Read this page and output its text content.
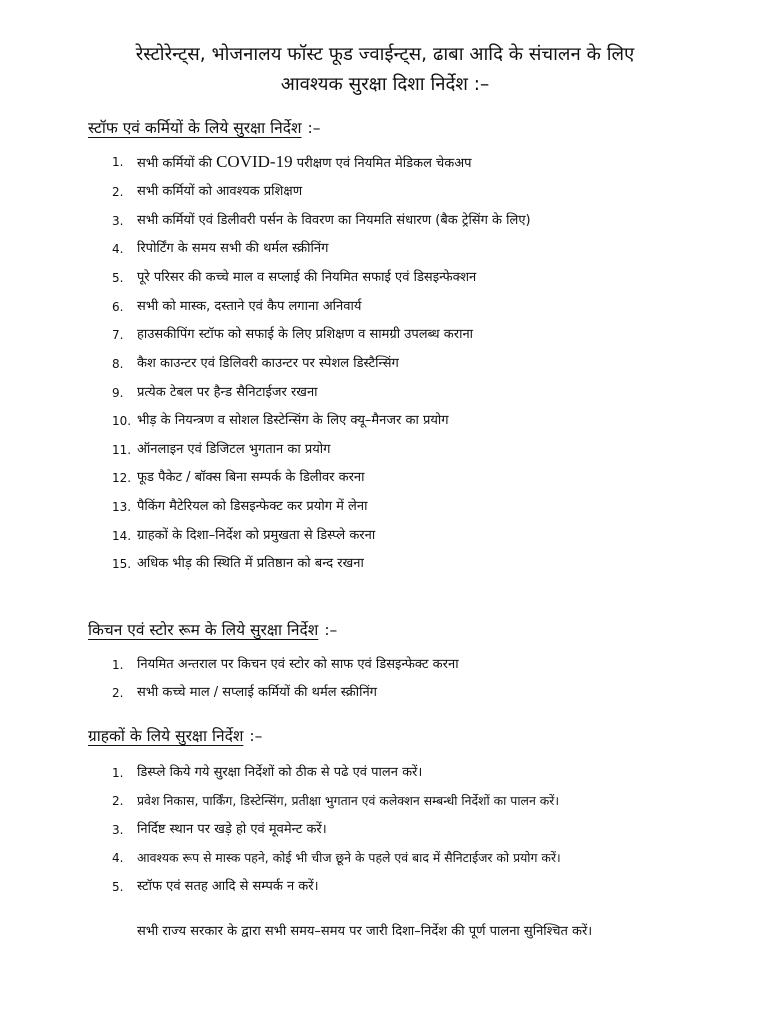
रेस्टोरेन्ट्स, भोजनालय फॉस्ट फूड ज्वाईन्ट्स, ढाबा आदि के संचालन के लिए
आवश्यक सुरक्षा दिशा निर्देश :–
स्टॉफ एवं कर्मियों के लिये सुरक्षा निर्देश :–
1.	सभी कर्मियों की COVID-19 परीक्षण एवं नियमित मेडिकल चेकअप
2.	सभी कर्मियों को आवश्यक प्रशिक्षण
3.	सभी कर्मियों एवं डिलीवरी पर्सन के विवरण का नियमति संधारण (बैक ट्रेसिंग के लिए)
4.	रिपोर्टिंग के समय सभी की थर्मल स्क्रीनिंग
5.	पूरे परिसर की कच्चे माल व सप्लाई की नियमित सफाई एवं डिसइन्फेक्शन
6.	सभी को मास्क, दस्ताने एवं कैप लगाना अनिवार्य
7.	हाउसकीपिंग स्टॉफ को सफाई के लिए प्रशिक्षण व सामग्री उपलब्ध कराना
8.	कैश काउन्टर एवं डिलिवरी काउन्टर पर स्पेशल डिस्टैन्सिंग
9.	प्रत्येक टेबल पर हैन्ड सैनिटाईजर रखना
10. भीड़ के नियन्त्रण व सोशल डिस्टेन्सिंग के लिए क्यू–मैनजर का प्रयोग
11. ऑनलाइन एवं डिजिटल भुगतान का प्रयोग
12. फूड पैकेट / बॉक्स बिना सम्पर्क के डिलीवर करना
13. पैकिंग मैटेरियल को डिसइन्फेक्ट कर प्रयोग में लेना
14. ग्राहकों के दिशा–निर्देश को प्रमुखता से डिस्प्ले करना
15. अधिक भीड़ की स्थिति में प्रतिष्ठान को बन्द रखना
किचन एवं स्टोर रूम के लिये सुरक्षा निर्देश :–
1.	नियमित अन्तराल पर किचन एवं स्टोर को साफ एवं डिसइन्फेक्ट करना
2.	सभी कच्चे माल / सप्लाई कर्मियों की थर्मल स्क्रीनिंग
ग्राहकों के लिये सुरक्षा निर्देश :–
1.	डिस्प्ले किये गये सुरक्षा निर्देशों को ठीक से पढे एवं पालन करें।
2.	प्रवेश निकास, पार्किंग, डिस्टेन्सिंग, प्रतीक्षा भुगतान एवं कलेक्शन सम्बन्धी निर्देशों का पालन करें।
3.	निर्दिष्ट स्थान पर खड़े हो एवं मूवमेन्ट करें।
4.	आवश्यक रूप से मास्क पहने, कोई भी चीज छूने के पहले एवं बाद में सैनिटाईजर को प्रयोग करें।
5.	स्टॉफ एवं सतह आदि से सम्पर्क न करें।
सभी राज्य सरकार के द्वारा सभी समय–समय पर जारी दिशा–निर्देश की पूर्ण पालना सुनिश्चित करें।
